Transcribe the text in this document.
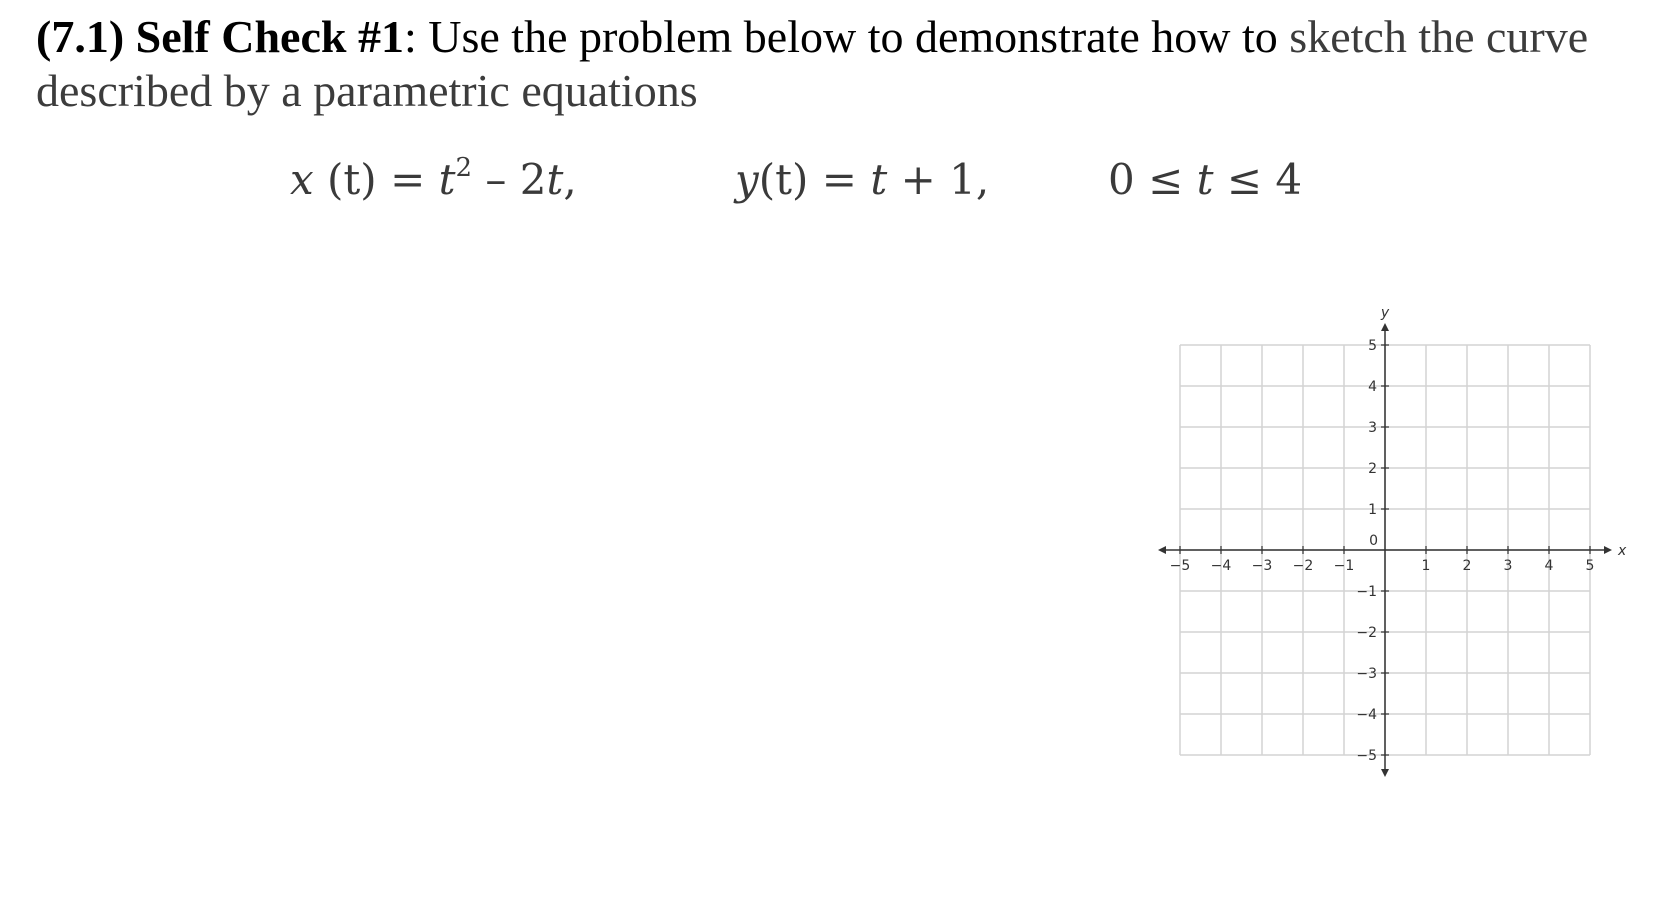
(7.1) Self Check #1: Use the problem below to demonstrate how to sketch the curve described by a parametric equations
x $(t) = t^2 - 2t$,	y(t) = t + 1,	0 ≤ t ≤ 4
−5 −4 −3 −2 −1	1 2 3 4 5
−5
−4
−3
−2
−1
1
2
3
4
5
0
x
y
